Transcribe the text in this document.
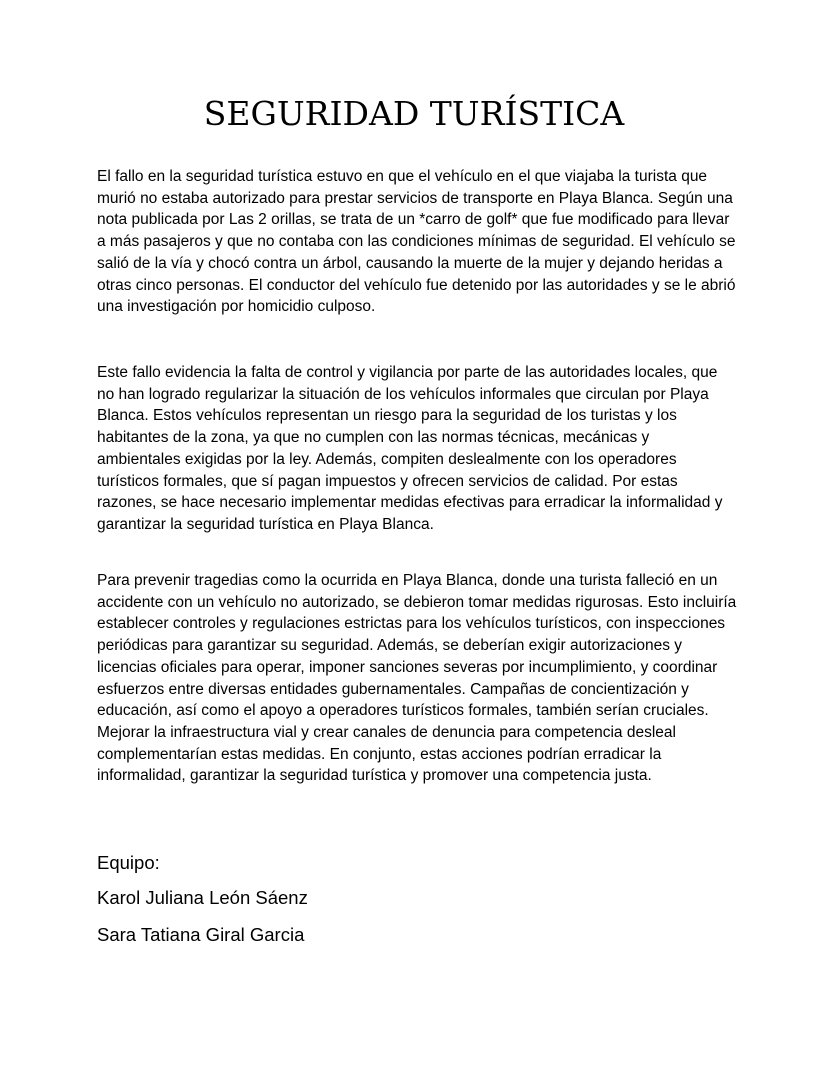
SEGURIDAD TURÍSTICA

El fallo en la seguridad turística estuvo en que el vehículo en el que viajaba la turista que murió no estaba autorizado para prestar servicios de transporte en Playa Blanca. Según una nota publicada por Las 2 orillas, se trata de un *carro de golf* que fue modificado para llevar a más pasajeros y que no contaba con las condiciones mínimas de seguridad. El vehículo se salió de la vía y chocó contra un árbol, causando la muerte de la mujer y dejando heridas a otras cinco personas. El conductor del vehículo fue detenido por las autoridades y se le abrió una investigación por homicidio culposo.

Este fallo evidencia la falta de control y vigilancia por parte de las autoridades locales, que no han logrado regularizar la situación de los vehículos informales que circulan por Playa Blanca. Estos vehículos representan un riesgo para la seguridad de los turistas y los habitantes de la zona, ya que no cumplen con las normas técnicas, mecánicas y ambientales exigidas por la ley. Además, compiten deslealmente con los operadores turísticos formales, que sí pagan impuestos y ofrecen servicios de calidad. Por estas razones, se hace necesario implementar medidas efectivas para erradicar la informalidad y garantizar la seguridad turística en Playa Blanca.

Para prevenir tragedias como la ocurrida en Playa Blanca, donde una turista falleció en un accidente con un vehículo no autorizado, se debieron tomar medidas rigurosas. Esto incluiría establecer controles y regulaciones estrictas para los vehículos turísticos, con inspecciones periódicas para garantizar su seguridad. Además, se deberían exigir autorizaciones y licencias oficiales para operar, imponer sanciones severas por incumplimiento, y coordinar esfuerzos entre diversas entidades gubernamentales. Campañas de concientización y educación, así como el apoyo a operadores turísticos formales, también serían cruciales. Mejorar la infraestructura vial y crear canales de denuncia para competencia desleal complementarían estas medidas. En conjunto, estas acciones podrían erradicar la informalidad, garantizar la seguridad turística y promover una competencia justa.

Equipo:

Karol Juliana León Sáenz

Sara Tatiana Giral Garcia
